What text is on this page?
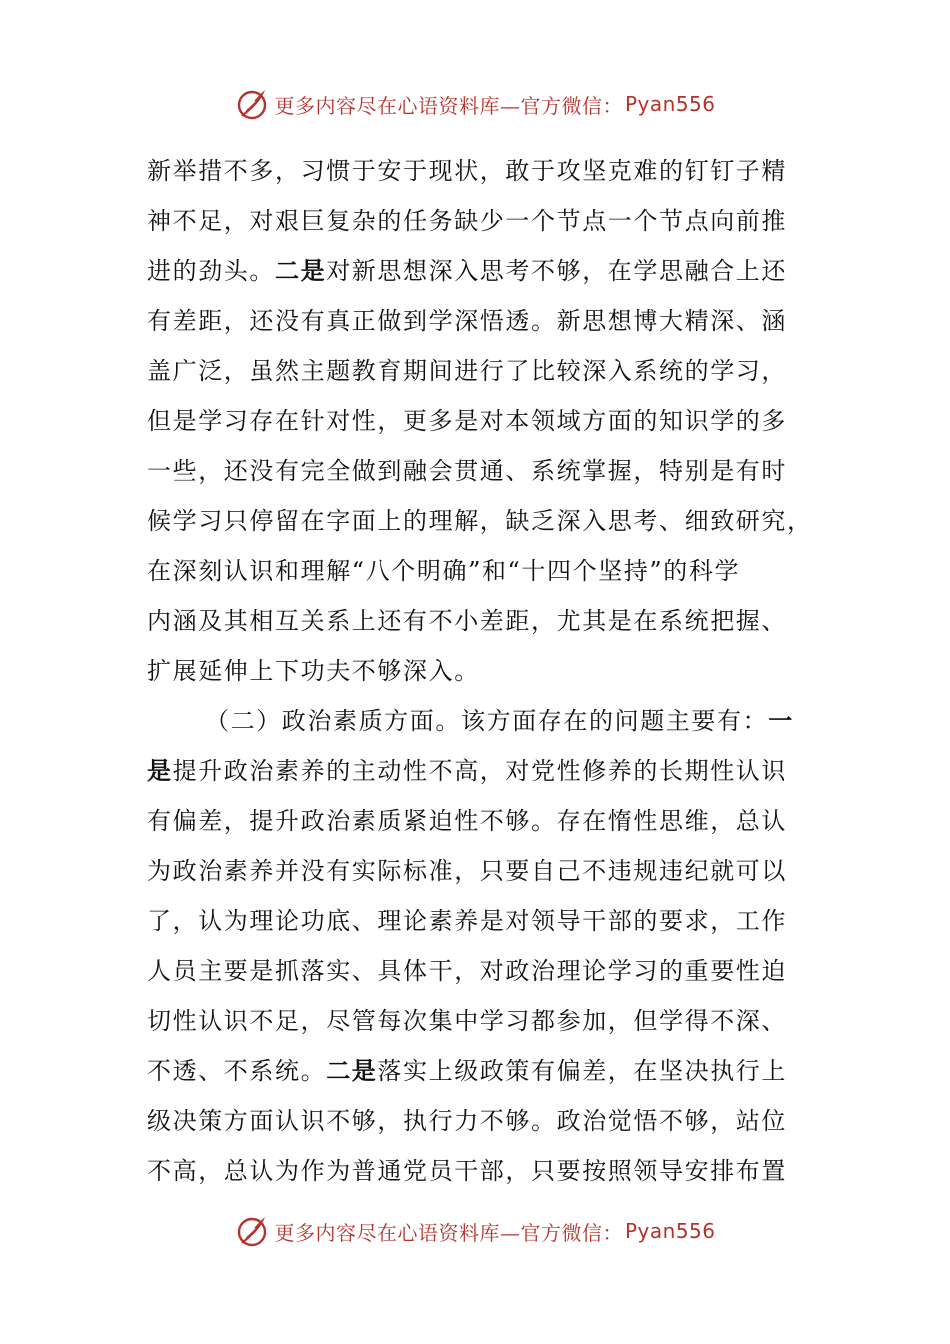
更多内容尽在心语资料库—官方微信： Pyan556
新举措不多，习惯于安于现状，敢于攻坚克难的钉钉子精
神不足，对艰巨复杂的任务缺少一个节点一个节点向前推
进的劲头。二是对新思想深入思考不够，在学思融合上还
有差距，还没有真正做到学深悟透。新思想博大精深、涵
盖广泛，虽然主题教育期间进行了比较深入系统的学习，
但是学习存在针对性，更多是对本领域方面的知识学的多
一些，还没有完全做到融会贯通、系统掌握，特别是有时
候学习只停留在字面上的理解，缺乏深入思考、细致研究，
在深刻认识和理解“八个明确”和“十四个坚持”的科学
内涵及其相互关系上还有不小差距，尤其是在系统把握、
扩展延伸上下功夫不够深入。
（二）政治素质方面。该方面存在的问题主要有：一
是提升政治素养的主动性不高，对党性修养的长期性认识
有偏差，提升政治素质紧迫性不够。存在惰性思维，总认
为政治素养并没有实际标准，只要自己不违规违纪就可以
了，认为理论功底、理论素养是对领导干部的要求，工作
人员主要是抓落实、具体干，对政治理论学习的重要性迫
切性认识不足，尽管每次集中学习都参加，但学得不深、
不透、不系统。二是落实上级政策有偏差，在坚决执行上
级决策方面认识不够，执行力不够。政治觉悟不够，站位
不高，总认为作为普通党员干部，只要按照领导安排布置
更多内容尽在心语资料库—官方微信： Pyan556
